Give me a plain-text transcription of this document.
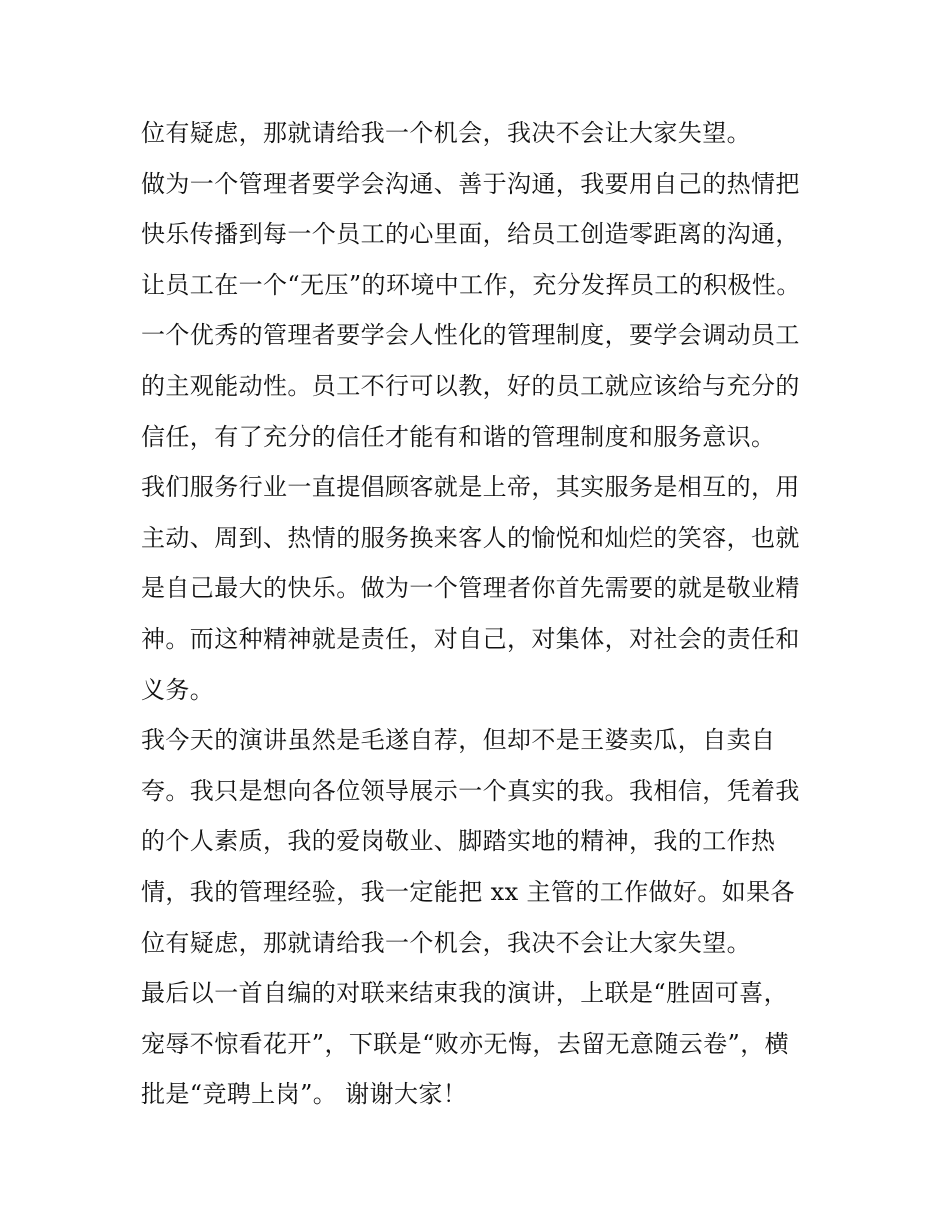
位有疑虑，那就请给我一个机会，我决不会让大家失望。
做为一个管理者要学会沟通、善于沟通，我要用自己的热情把
快乐传播到每一个员工的心里面，给员工创造零距离的沟通，
让员工在一个“无压”的环境中工作，充分发挥员工的积极性。
一个优秀的管理者要学会人性化的管理制度，要学会调动员工
的主观能动性。员工不行可以教，好的员工就应该给与充分的
信任，有了充分的信任才能有和谐的管理制度和服务意识。
我们服务行业一直提倡顾客就是上帝，其实服务是相互的，用
主动、周到、热情的服务换来客人的愉悦和灿烂的笑容，也就
是自己最大的快乐。做为一个管理者你首先需要的就是敬业精
神。而这种精神就是责任，对自己，对集体，对社会的责任和
义务。
我今天的演讲虽然是毛遂自荐，但却不是王婆卖瓜，自卖自
夸。我只是想向各位领导展示一个真实的我。我相信，凭着我
的个人素质，我的爱岗敬业、脚踏实地的精神，我的工作热
情，我的管理经验，我一定能把 xx 主管的工作做好。如果各
位有疑虑，那就请给我一个机会，我决不会让大家失望。
最后以一首自编的对联来结束我的演讲，上联是“胜固可喜，
宠辱不惊看花开”，下联是“败亦无悔，去留无意随云卷”，横
批是“竞聘上岗”。 谢谢大家！
